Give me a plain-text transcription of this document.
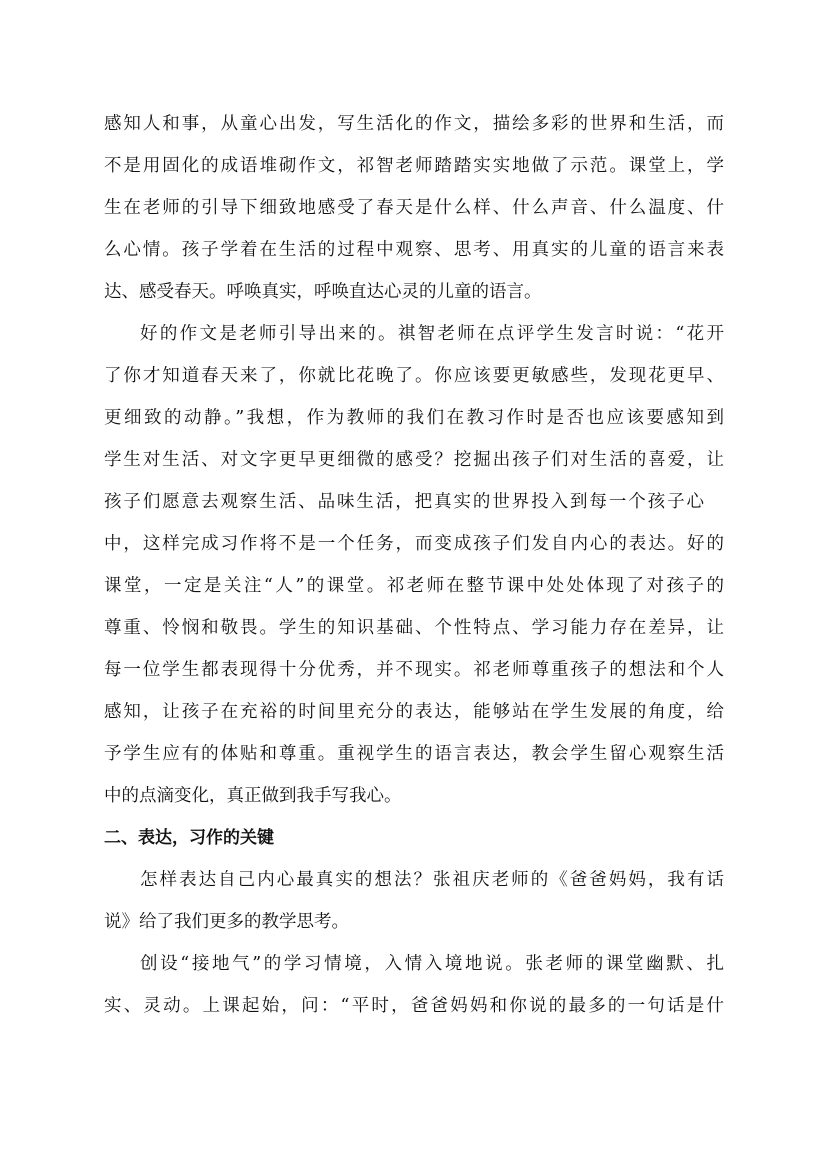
感知人和事，从童心出发，写生活化的作文，描绘多彩的世界和生活，而
不是用固化的成语堆砌作文，祁智老师踏踏实实地做了示范。课堂上，学
生在老师的引导下细致地感受了春天是什么样、什么声音、什么温度、什
么心情。孩子学着在生活的过程中观察、思考、用真实的儿童的语言来表
达、感受春天。呼唤真实，呼唤直达心灵的儿童的语言。
好的作文是老师引导出来的。祺智老师在点评学生发言时说：“花开
了你才知道春天来了，你就比花晚了。你应该要更敏感些，发现花更早、
更细致的动静。”我想，作为教师的我们在教习作时是否也应该要感知到
学生对生活、对文字更早更细微的感受？挖掘出孩子们对生活的喜爱，让
孩子们愿意去观察生活、品味生活，把真实的世界投入到每一个孩子心
中，这样完成习作将不是一个任务，而变成孩子们发自内心的表达。好的
课堂，一定是关注“人”的课堂。祁老师在整节课中处处体现了对孩子的
尊重、怜悯和敬畏。学生的知识基础、个性特点、学习能力存在差异，让
每一位学生都表现得十分优秀，并不现实。祁老师尊重孩子的想法和个人
感知，让孩子在充裕的时间里充分的表达，能够站在学生发展的角度，给
予学生应有的体贴和尊重。重视学生的语言表达，教会学生留心观察生活
中的点滴变化，真正做到我手写我心。
二、表达，习作的关键
怎样表达自己内心最真实的想法？张祖庆老师的《爸爸妈妈，我有话
说》给了我们更多的教学思考。
创设“接地气”的学习情境，入情入境地说。张老师的课堂幽默、扎
实、灵动。上课起始，问：“平时，爸爸妈妈和你说的最多的一句话是什
